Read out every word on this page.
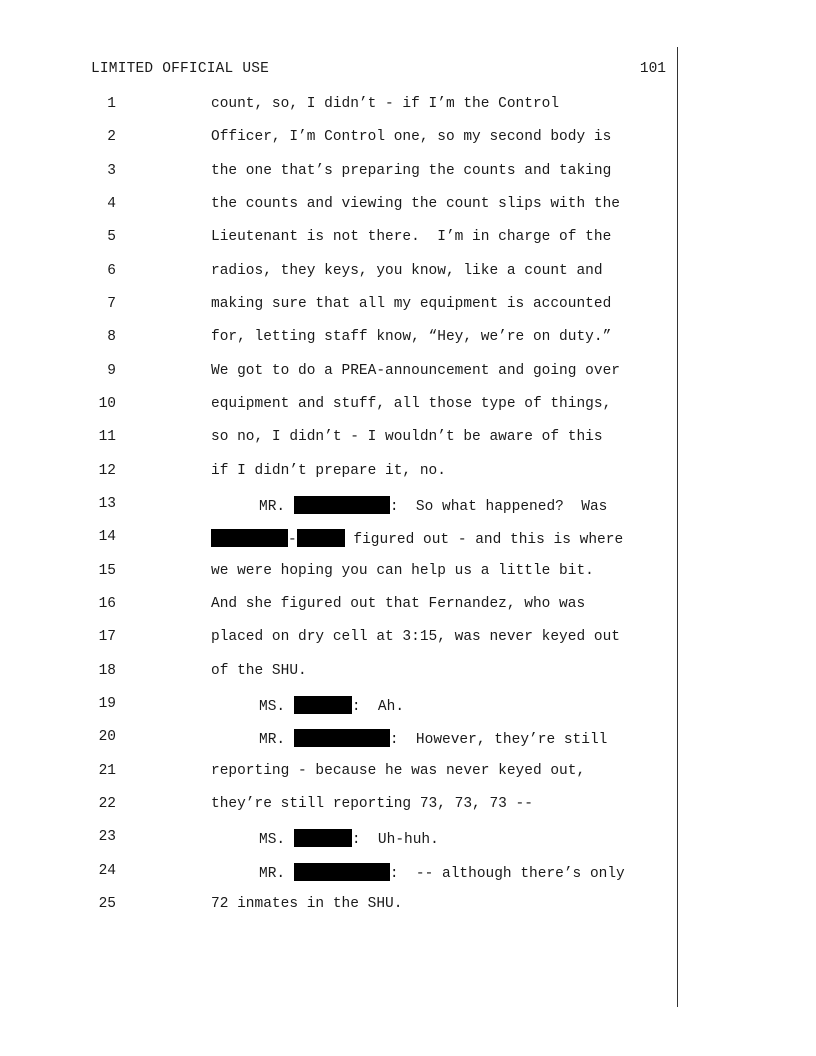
LIMITED OFFICIAL USE	101

1

	count, so, I didn’t - if I’m the Control

2

	Officer, I’m Control one, so my second body is

3

	the one that’s preparing the counts and taking

4

	the counts and viewing the count slips with the

5

	Lieutenant is not there.  I’m in charge of the

6

	radios, they keys, you know, like a count and

7

	making sure that all my equipment is accounted

8

	for, letting staff know, “Hey, we’re on duty.”

9

	We got to do a PREA-announcement and going over

10

	equipment and stuff, all those type of things,

11

	so no, I didn’t - I wouldn’t be aware of this

12

	if I didn’t prepare it, no.

13

	MR.	:  So what happened?  Was

14

	-	figured out - and this is where

15

	we were hoping you can help us a little bit.

16

	And she figured out that Fernandez, who was

17

	placed on dry cell at 3:15, was never keyed out

18

	of the SHU.

19

	MS.	:  Ah.

20

	MR.	:  However, they’re still

21

	reporting - because he was never keyed out,

22

	they’re still reporting 73, 73, 73 --

23

	MS.	:  Uh-huh.

24

	MR.	:  -- although there’s only

25

	72 inmates in the SHU.
